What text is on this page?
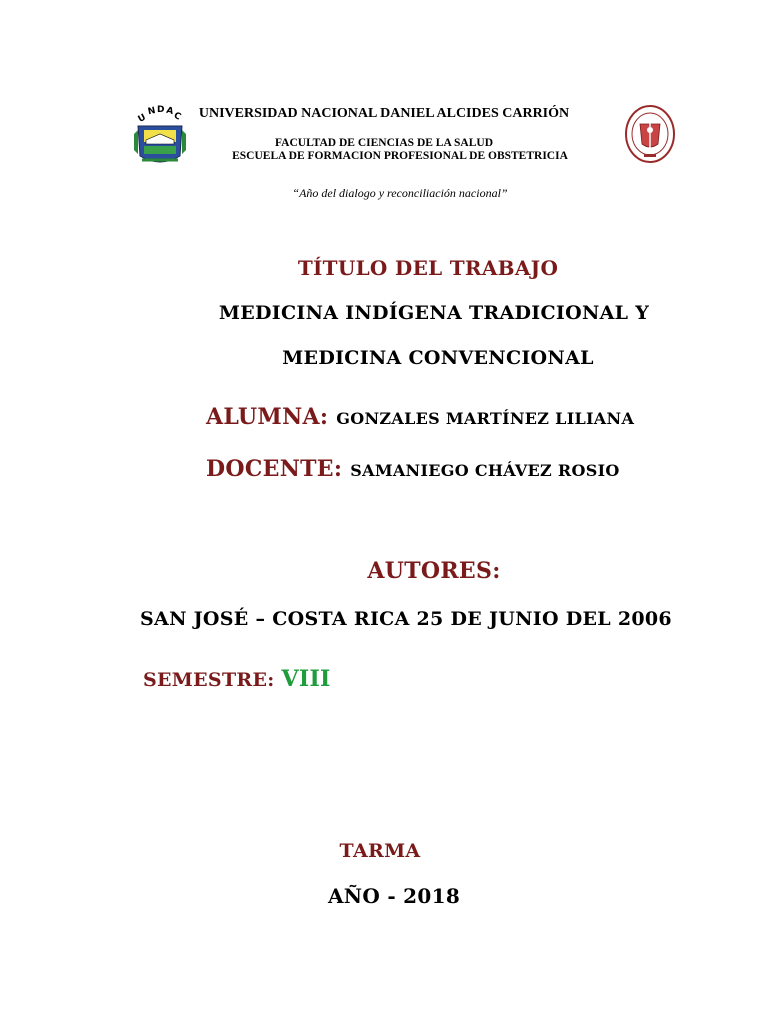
U
N D A
C	UNIVERSIDAD NACIONAL DANIEL ALCIDES CARRIÓN
FACULTAD DE CIENCIAS DE LA SALUD
ESCUELA DE FORMACION PROFESIONAL DE OBSTETRICIA
“Año del dialogo y reconciliación nacional”
TÍTULO DEL TRABAJO
MEDICINA INDÍGENA TRADICIONAL Y
MEDICINA CONVENCIONAL
ALUMNA: GONZALES MARTÍNEZ LILIANA
DOCENTE: SAMANIEGO CHÁVEZ ROSIO
AUTORES:
SAN JOSÉ – COSTA RICA 25 DE JUNIO DEL 2006
SEMESTRE: VIII
TARMA
AÑO - 2018
